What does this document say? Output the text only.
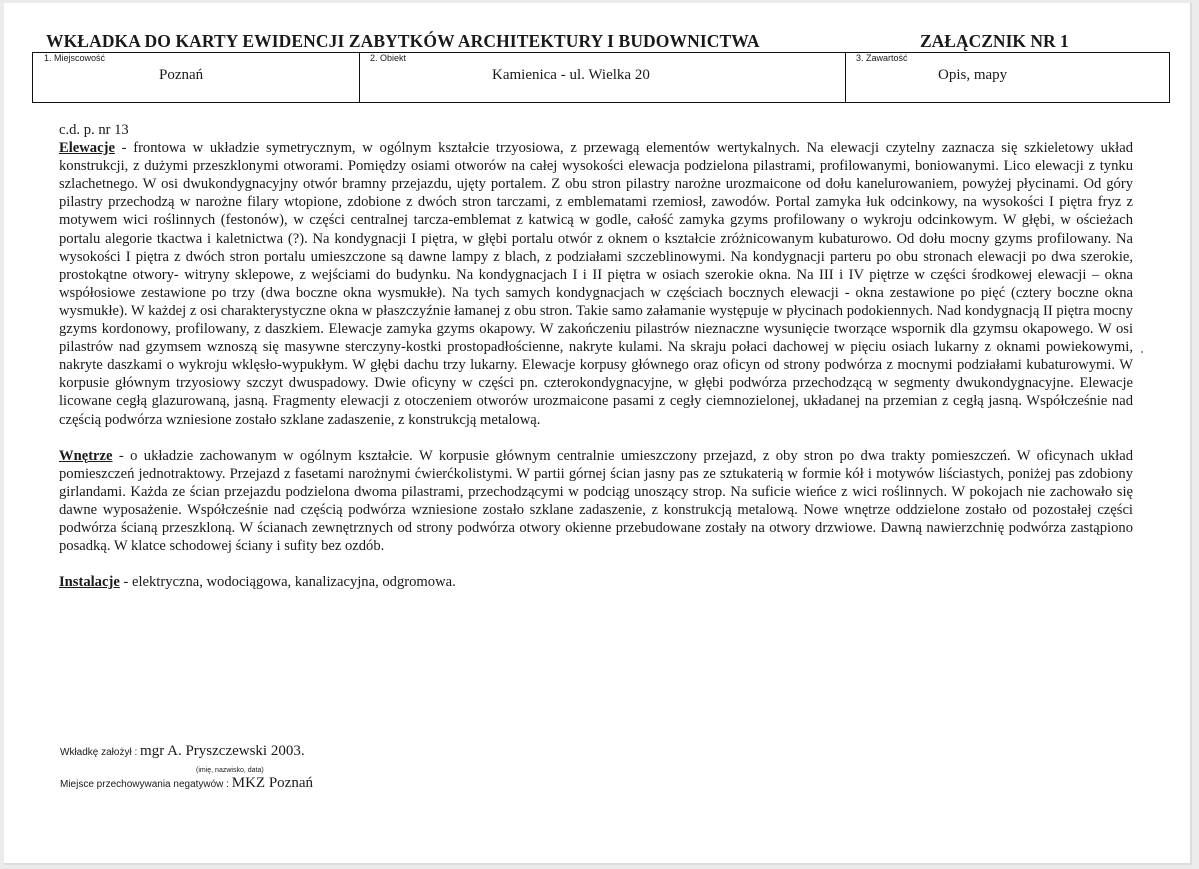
WKŁADKA DO KARTY EWIDENCJI ZABYTKÓW ARCHITEKTURY I BUDOWNICTWA	ZAŁĄCZNIK NR 1
1. Miejscowość
Poznań
2. Obiekt
Kamienica - ul. Wielka 20
3. Zawartość
Opis, mapy

c.d. p. nr 13

Elewacje - frontowa w układzie symetrycznym, w ogólnym kształcie trzyosiowa, z przewagą elementów wertykalnych. Na elewacji czytelny zaznacza się szkieletowy układ konstrukcji, z dużymi przeszklonymi otworami. Pomiędzy osiami otworów na całej wysokości elewacja podzielona pilastrami, profilowanymi, boniowanymi. Lico elewacji z tynku szlachetnego. W osi dwukondygnacyjny otwór bramny przejazdu, ujęty portalem. Z obu stron pilastry narożne urozmaicone od dołu kanelurowaniem, powyżej płycinami. Od góry pilastry przechodzą w narożne filary wtopione, zdobione z dwóch stron tarczami, z emblematami rzemiosł, zawodów. Portal zamyka łuk odcinkowy, na wysokości I piętra fryz z motywem wici roślinnych (festonów), w części centralnej tarcza-emblemat z katwicą w godle, całość zamyka gzyms profilowany o wykroju odcinkowym. W głębi, w ościeżach portalu alegorie tkactwa i kaletnictwa (?). Na kondygnacji I piętra, w głębi portalu otwór z oknem o kształcie zróżnicowanym kubaturowo. Od dołu mocny gzyms profilowany. Na wysokości I piętra z dwóch stron portalu umieszczone są dawne lampy z blach, z podziałami szczeblinowymi. Na kondygnacji parteru po obu stronach elewacji po dwa szerokie, prostokątne otwory- witryny sklepowe, z wejściami do budynku. Na kondygnacjach I i II piętra w osiach szerokie okna. Na III i IV piętrze w części środkowej elewacji – okna współosiowe zestawione po trzy (dwa boczne okna wysmukłe). Na tych samych kondygnacjach w częściach bocznych elewacji - okna zestawione po pięć (cztery boczne okna wysmukłe). W każdej z osi charakterystyczne okna w płaszczyźnie łamanej z obu stron. Takie samo załamanie występuje w płycinach podokiennych. Nad kondygnacją II piętra mocny gzyms kordonowy, profilowany, z daszkiem. Elewacje zamyka gzyms okapowy. W zakończeniu pilastrów nieznaczne wysunięcie tworzące wspornik dla gzymsu okapowego. W osi pilastrów nad gzymsem wznoszą się masywne sterczyny-kostki prostopadłościenne, nakryte kulami. Na skraju połaci dachowej w pięciu osiach lukarny z oknami powiekowymi, nakryte daszkami o wykroju wklęsło-wypukłym. W głębi dachu trzy lukarny. Elewacje korpusy głównego oraz oficyn od strony podwórza z mocnymi podziałami kubaturowymi. W korpusie głównym trzyosiowy szczyt dwuspadowy. Dwie oficyny w części pn. czterokondygnacyjne, w głębi podwórza przechodzącą w segmenty dwukondygnacyjne. Elewacje licowane cegłą glazurowaną, jasną. Fragmenty elewacji z otoczeniem otworów urozmaicone pasami z cegły ciemnozielonej, układanej na przemian z cegłą jasną. Współcześnie nad częścią podwórza wzniesione zostało szklane zadaszenie, z konstrukcją metalową.

Wnętrze - o układzie zachowanym w ogólnym kształcie. W korpusie głównym centralnie umieszczony przejazd, z oby stron po dwa trakty pomieszczeń. W oficynach układ pomieszczeń jednotraktowy. Przejazd z fasetami narożnymi ćwierćkolistymi. W partii górnej ścian jasny pas ze sztukaterią w formie kół i motywów liściastych, poniżej pas zdobiony girlandami. Każda ze ścian przejazdu podzielona dwoma pilastrami, przechodzącymi w podciąg unoszący strop. Na suficie wieńce z wici roślinnych. W pokojach nie zachowało się dawne wyposażenie. Współcześnie nad częścią podwórza wzniesione zostało szklane zadaszenie, z konstrukcją metalową. Nowe wnętrze oddzielone zostało od pozostałej części podwórza ścianą przeszkloną. W ścianach zewnętrznych od strony podwórza otwory okienne przebudowane zostały na otwory drzwiowe. Dawną nawierzchnię podwórza zastąpiono posadką. W klatce schodowej ściany i sufity bez ozdób.

Instalacje - elektryczna, wodociągowa, kanalizacyjna, odgromowa.

Wkładkę założył : mgr A. Pryszczewski 2003.
(imię, nazwisko, data)
Miejsce przechowywania negatywów : MKZ Poznań
